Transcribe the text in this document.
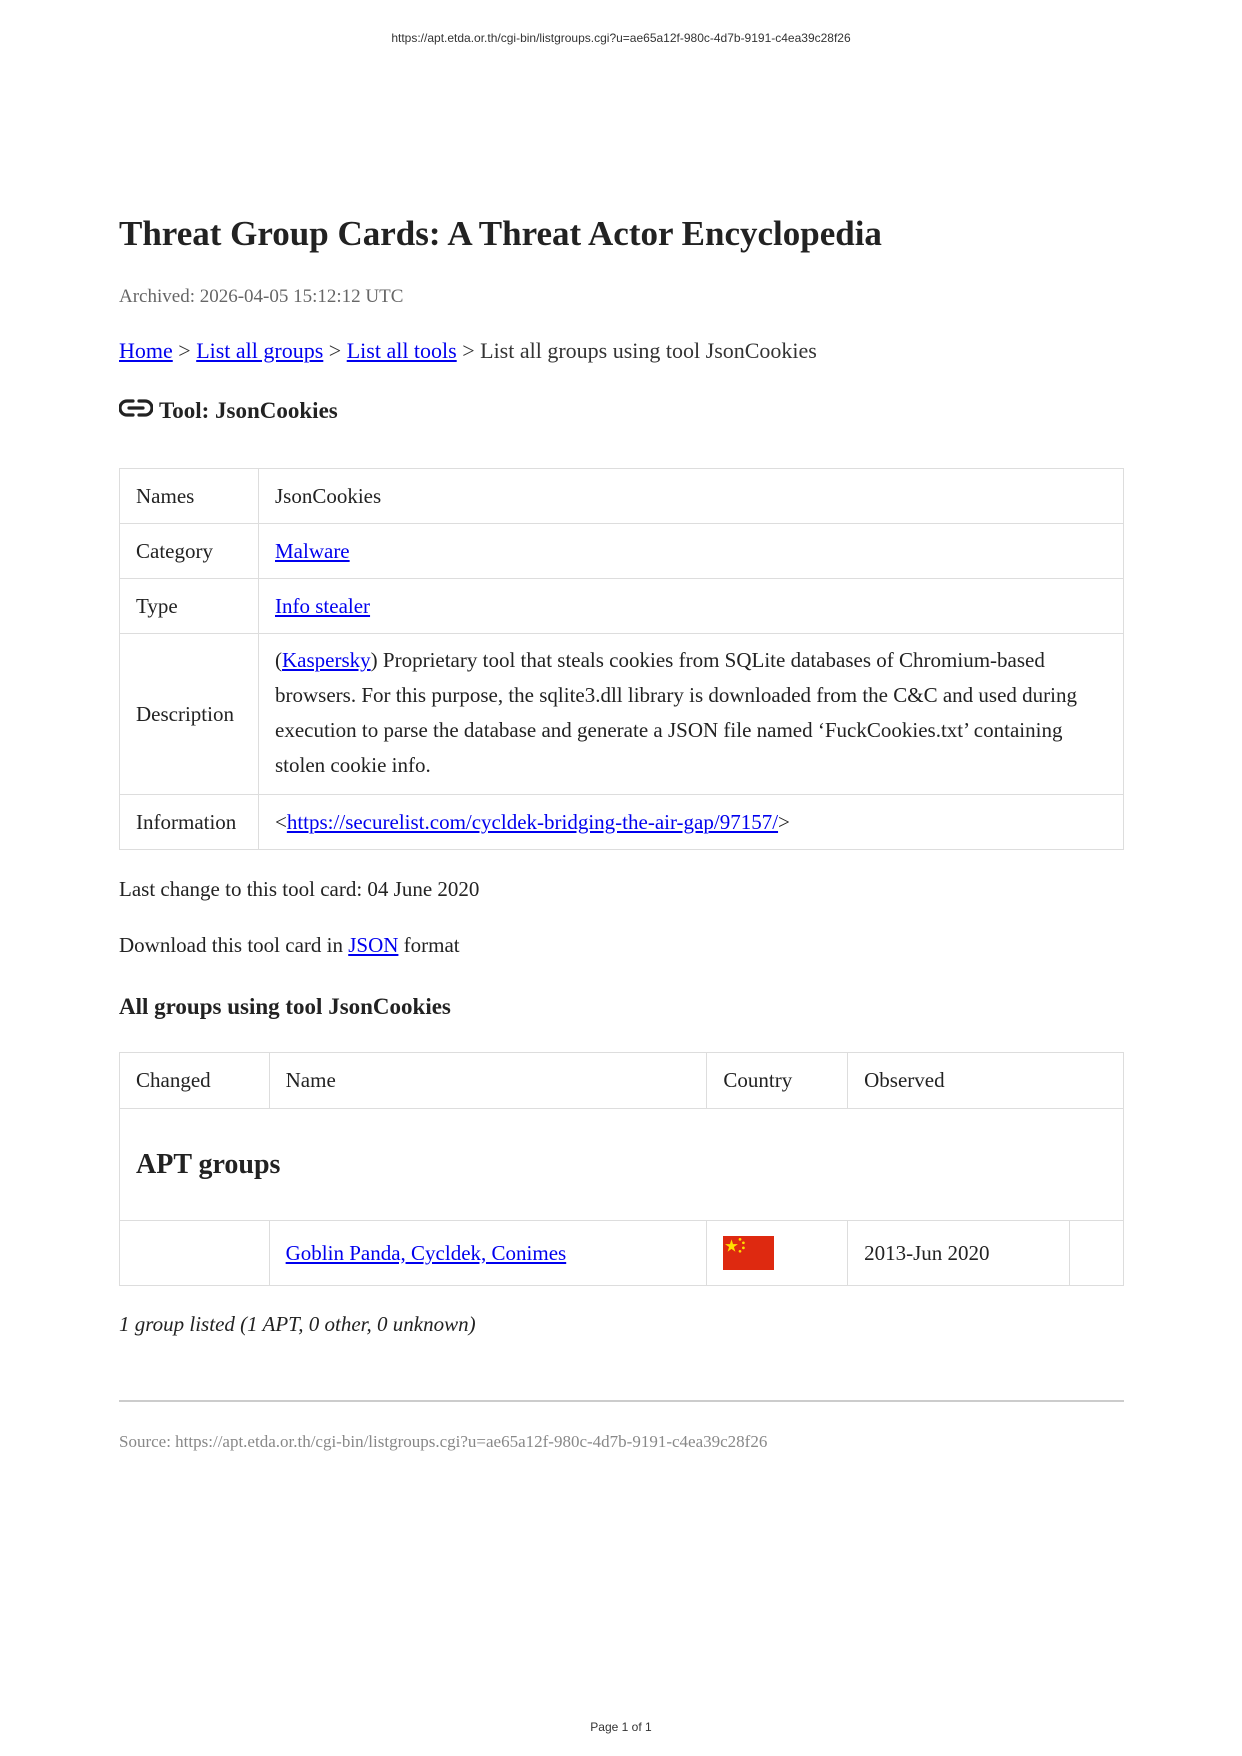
https://apt.etda.or.th/cgi-bin/listgroups.cgi?u=ae65a12f-980c-4d7b-9191-c4ea39c28f26
Threat Group Cards: A Threat Actor Encyclopedia
Archived: 2026-04-05 15:12:12 UTC
Home > List all groups > List all tools > List all groups using tool JsonCookies
Tool: JsonCookies
Names	JsonCookies
Category	Malware
Type	Info stealer
Description	(Kaspersky) Proprietary tool that steals cookies from SQLite databases of Chromium-based browsers. For this purpose, the sqlite3.dll library is downloaded from the C&C and used during execution to parse the database and generate a JSON file named ‘FuckCookies.txt’ containing stolen cookie info.
Information	<https://securelist.com/cycldek-bridging-the-air-gap/97157/>
Last change to this tool card: 04 June 2020
Download this tool card in JSON format
All groups using tool JsonCookies
Changed	Name	Country	Observed	
APT groups				
	Goblin Panda, Cycldek, Conimes		2013-Jun 2020	
1 group listed (1 APT, 0 other, 0 unknown)
Source: https://apt.etda.or.th/cgi-bin/listgroups.cgi?u=ae65a12f-980c-4d7b-9191-c4ea39c28f26
Page 1 of 1
